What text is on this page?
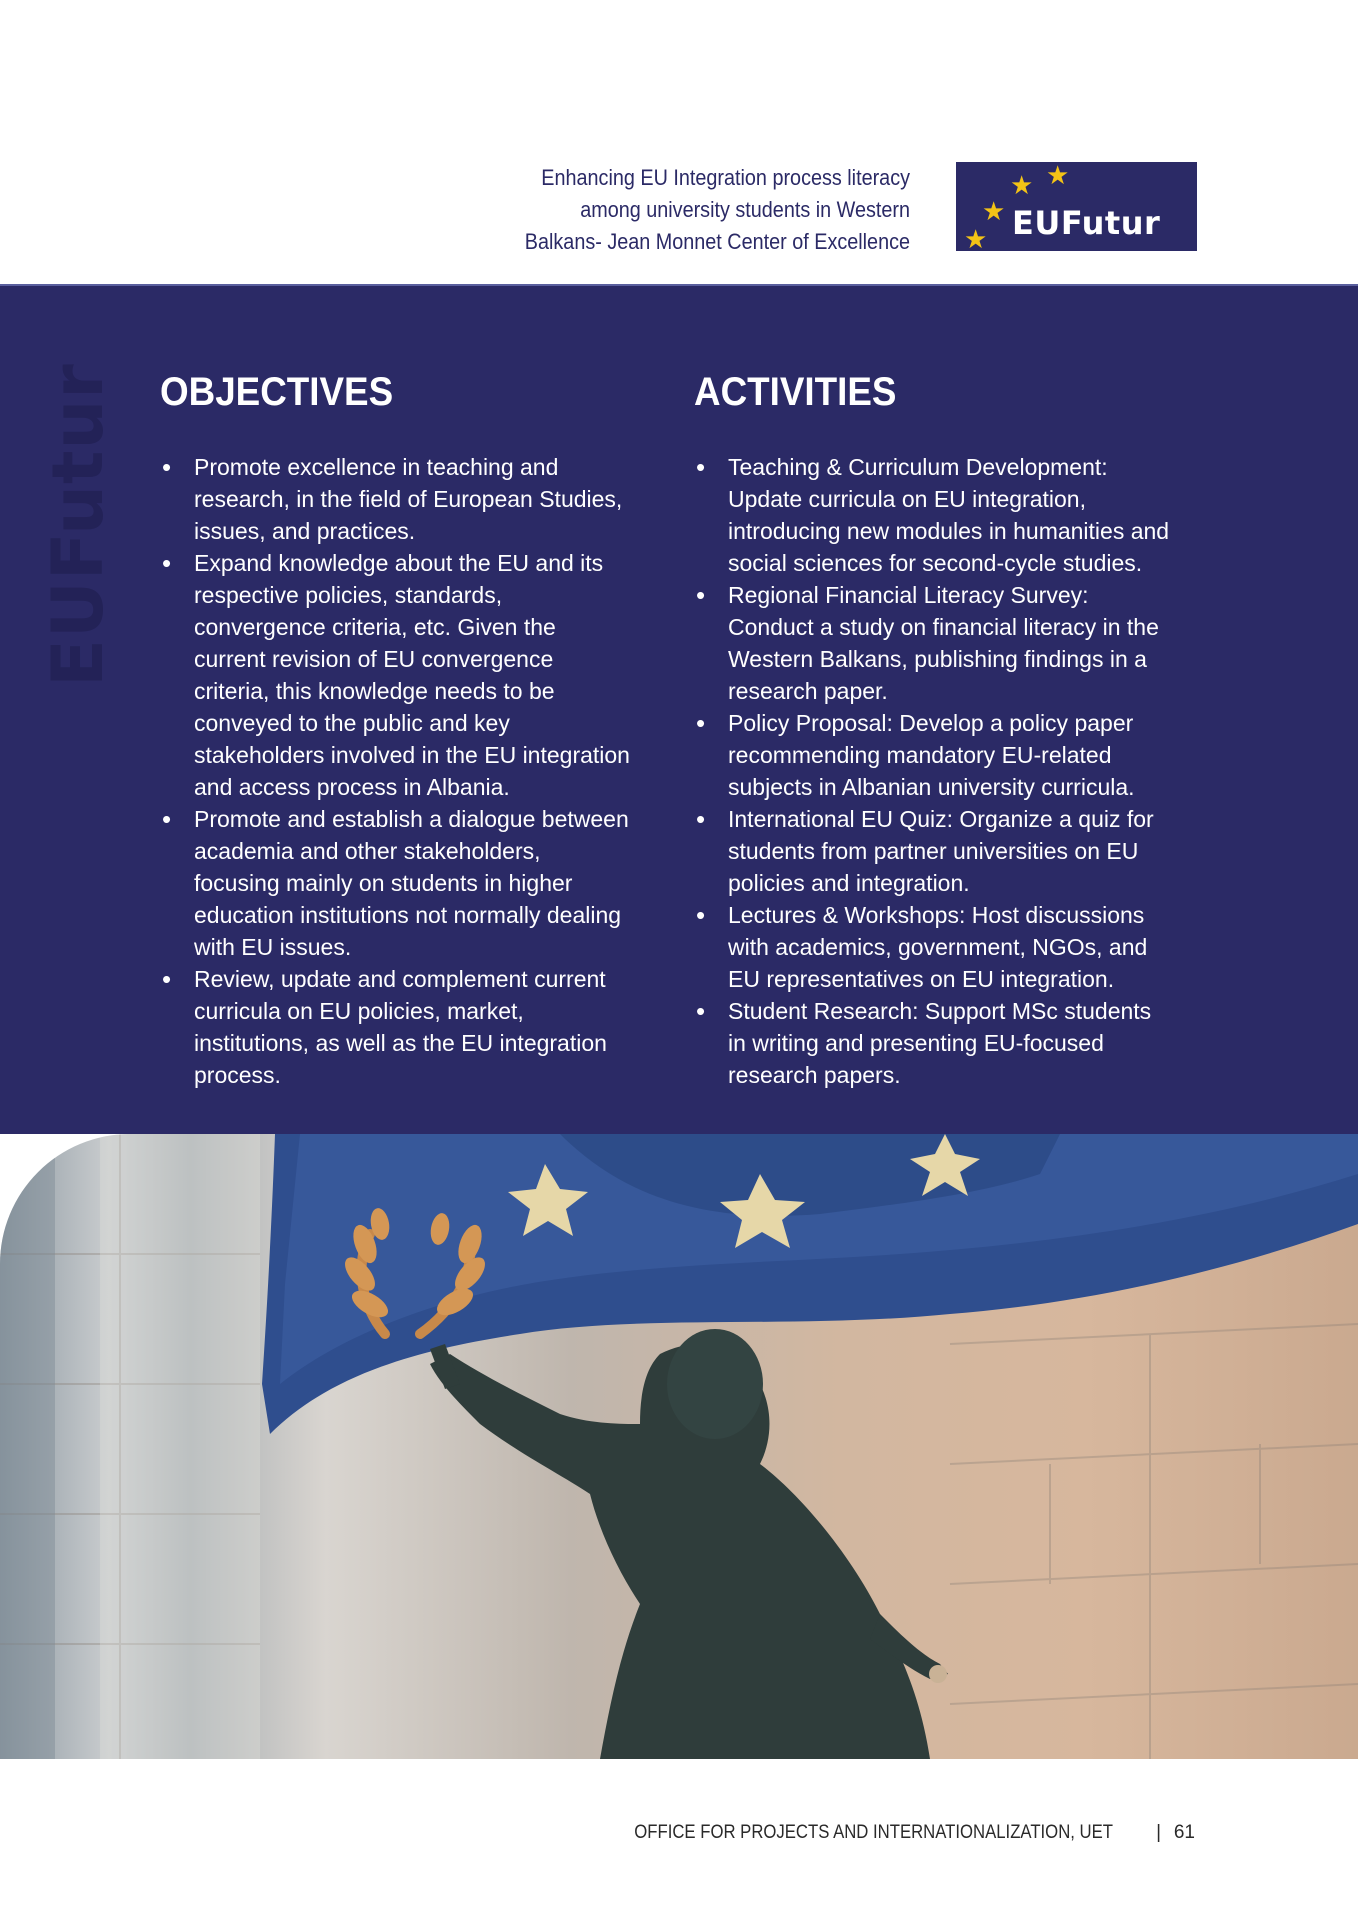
Enhancing EU Integration process literacy
among university students in Western
Balkans- Jean Monnet Center of Excellence
★
★
★
★ EUFutur
EUFutur OBJECTIVES
• Promote excellence in teaching and research, in the field of European Studies, issues, and practices.
• Expand knowledge about the EU and its respective policies, standards, convergence criteria, etc. Given the current revision of EU convergence criteria, this knowledge needs to be conveyed to the public and key stakeholders involved in the EU integration and access process in Albania.
• Promote and establish a dialogue between academia and other stakeholders, focusing mainly on students in higher education institutions not normally dealing with EU issues.
• Review, update and complement current curricula on EU policies, market, institutions, as well as the EU integration process.
ACTIVITIES
• Teaching & Curriculum Development: Update curricula on EU integration, introducing new modules in humanities and social sciences for second-cycle studies.
• Regional Financial Literacy Survey: Conduct a study on financial literacy in the Western Balkans, publishing findings in a research paper.
• Policy Proposal: Develop a policy paper recommending mandatory EU-related subjects in Albanian university curricula.
• International EU Quiz: Organize a quiz for students from partner universities on EU policies and integration.
• Lectures & Workshops: Host discussions with academics, government, NGOs, and EU representatives on EU integration.
• Student Research: Support MSc students in writing and presenting EU-focused research papers.
OFFICE FOR PROJECTS AND INTERNATIONALIZATION, UET | 61
